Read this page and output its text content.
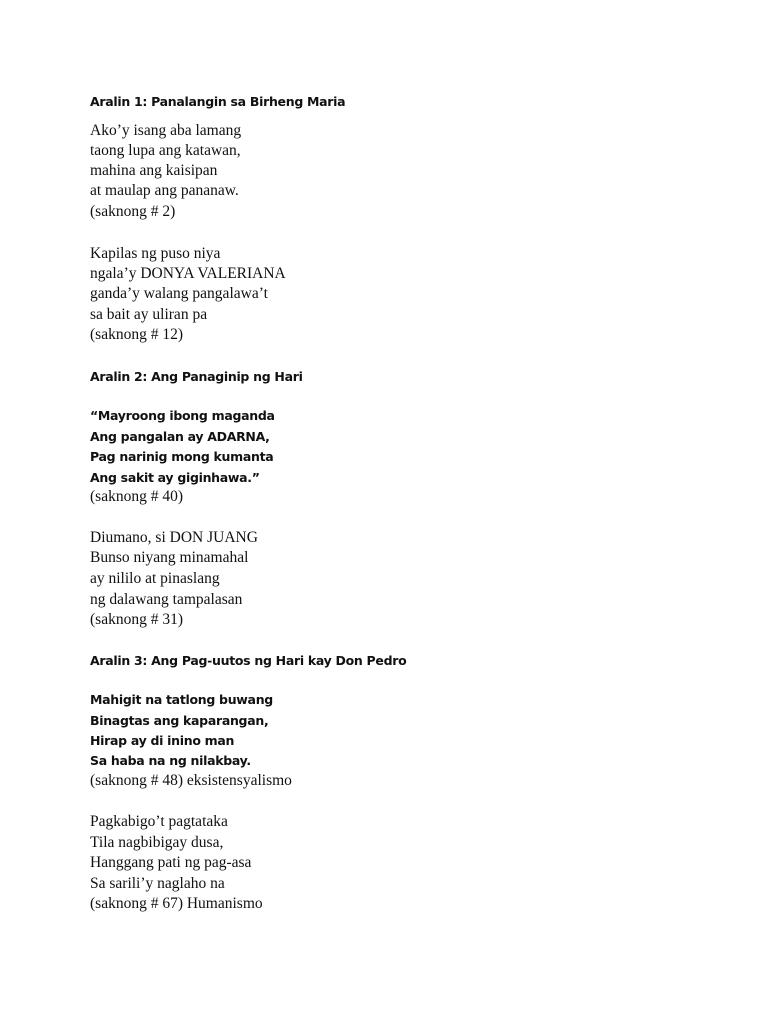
Aralin 1: Panalangin sa Birheng Maria
Ako’y isang aba lamang
taong lupa ang katawan,
mahina ang kaisipan
at maulap ang pananaw.
(saknong # 2)
Kapilas ng puso niya
ngala’y DONYA VALERIANA
ganda’y walang pangalawa’t
sa bait ay uliran pa
(saknong # 12)
Aralin 2: Ang Panaginip ng Hari
“Mayroong ibong maganda
Ang pangalan ay ADARNA,
Pag narinig mong kumanta
Ang sakit ay giginhawa.”
(saknong # 40)
Diumano, si DON JUANG
Bunso niyang minamahal
ay nililo at pinaslang
ng dalawang tampalasan
(saknong # 31)
Aralin 3: Ang Pag-uutos ng Hari kay Don Pedro
Mahigit na tatlong buwang
Binagtas ang kaparangan,
Hirap ay di inino man
Sa haba na ng nilakbay.
(saknong # 48) eksistensyalismo
Pagkabigo’t pagtataka
Tila nagbibigay dusa,
Hanggang pati ng pag-asa
Sa sarili’y naglaho na
(saknong # 67) Humanismo
